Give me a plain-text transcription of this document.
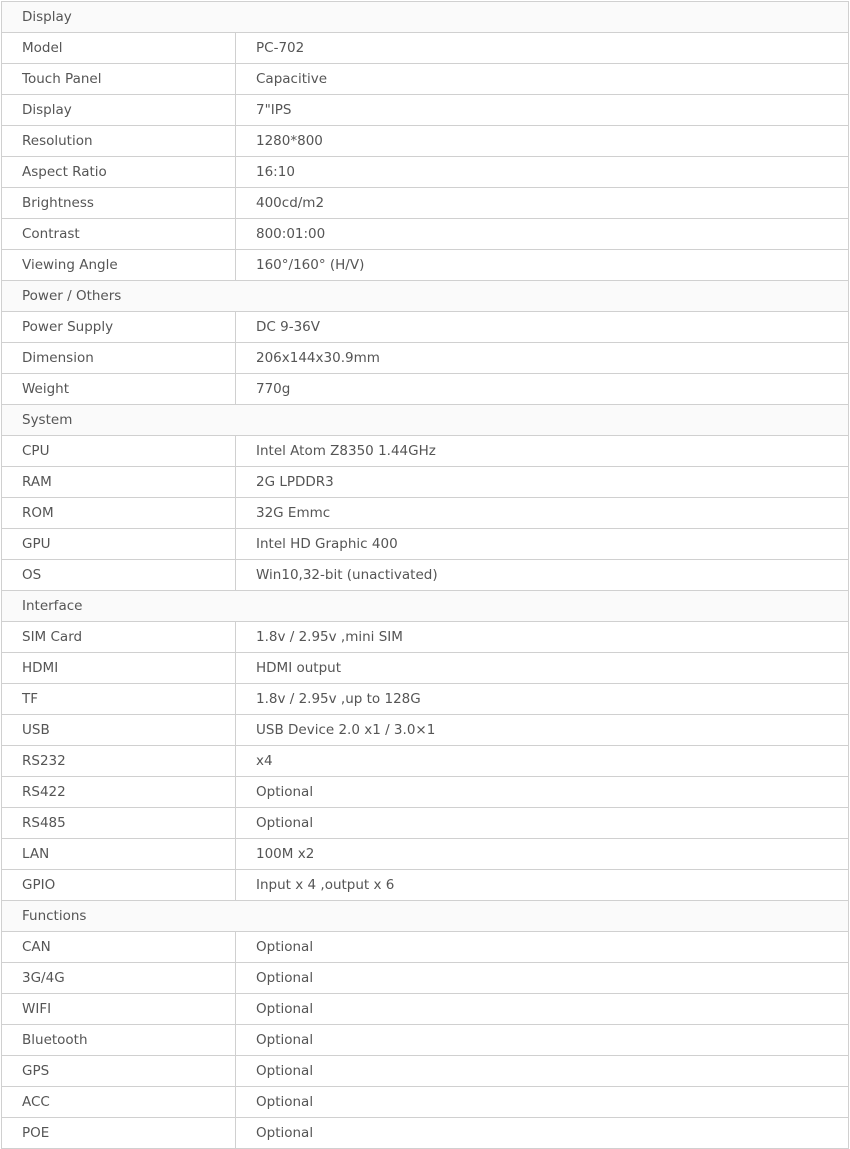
Display	
Model	PC-702
Touch Panel	Capacitive
Display	7"IPS
Resolution	1280*800
Aspect Ratio	16:10
Brightness	400cd/m2
Contrast	800:01:00
Viewing Angle	160°/160° (H/V)
Power / Others	
Power Supply	DC 9-36V
Dimension	206x144x30.9mm
Weight	770g
System	
CPU	Intel Atom Z8350 1.44GHz
RAM	2G LPDDR3
ROM	32G Emmc
GPU	Intel HD Graphic 400
OS	Win10,32-bit (unactivated)
Interface	
SIM Card	1.8v / 2.95v ,mini SIM
HDMI	HDMI output
TF	1.8v / 2.95v ,up to 128G
USB	USB Device 2.0 x1 / 3.0×1
RS232	x4
RS422	Optional
RS485	Optional
LAN	100M x2
GPIO	Input x 4 ,output x 6
Functions	
CAN	Optional
3G/4G	Optional
WIFI	Optional
Bluetooth	Optional
GPS	Optional
ACC	Optional
POE	Optional
